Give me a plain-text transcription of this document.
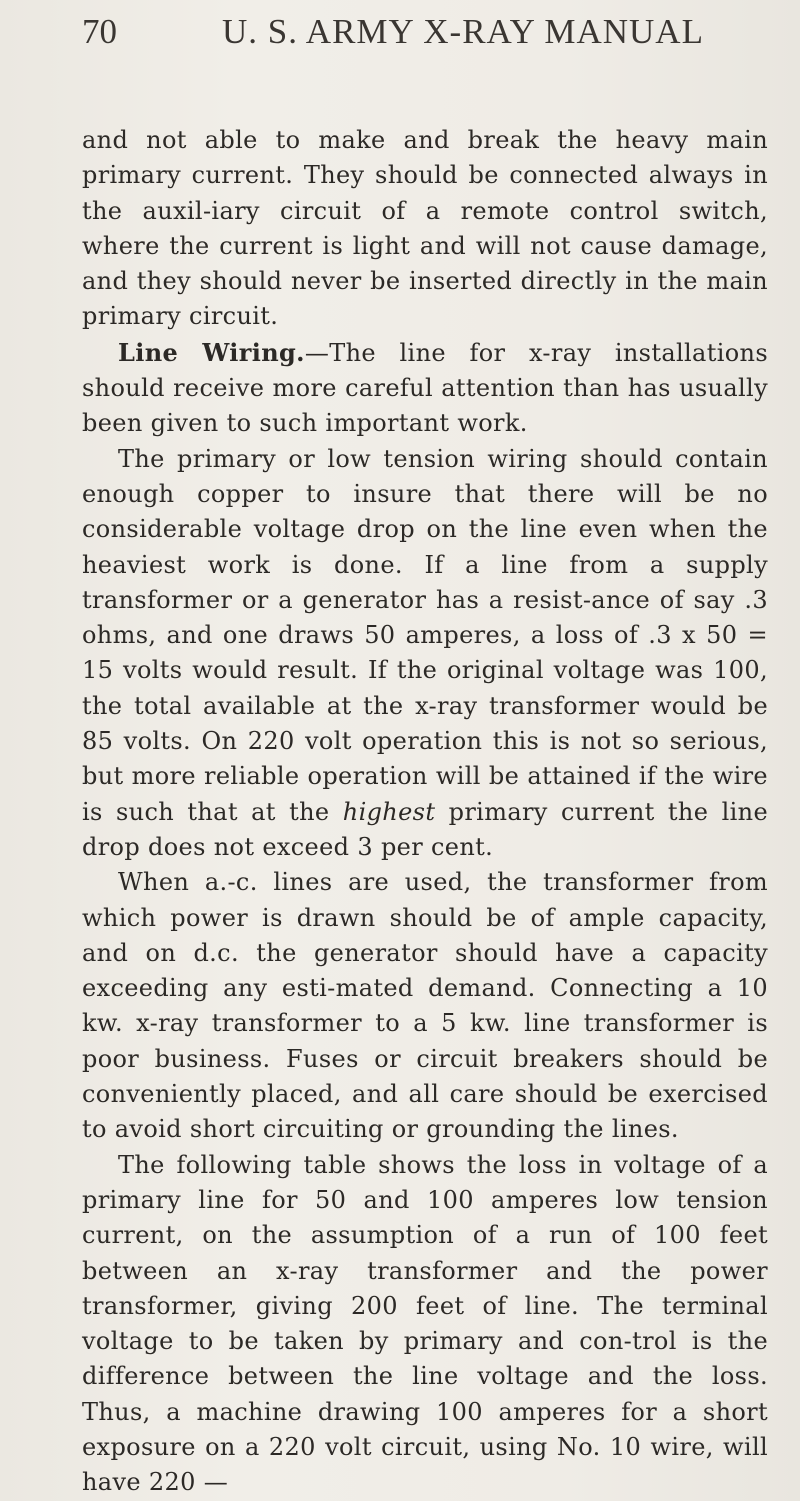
70	U. S. ARMY X-RAY MANUAL

and not able to make and break the heavy main primary current. They should be connected always in the auxil-iary circuit of a remote control switch, where the current is light and will not cause damage, and they should never be inserted directly in the main primary circuit.

Line Wiring.—The line for x-ray installations should receive more careful attention than has usually been given to such important work.

The primary or low tension wiring should contain enough copper to insure that there will be no considerable voltage drop on the line even when the heaviest work is done. If a line from a supply transformer or a generator has a resist-ance of say .3 ohms, and one draws 50 amperes, a loss of .3 x 50 = 15 volts would result. If the original voltage was 100, the total available at the x-ray transformer would be 85 volts. On 220 volt operation this is not so serious, but more reliable operation will be attained if the wire is such that at the highest primary current the line drop does not exceed 3 per cent.

When a.-c. lines are used, the transformer from which power is drawn should be of ample capacity, and on d.c. the generator should have a capacity exceeding any esti-mated demand. Connecting a 10 kw. x-ray transformer to a 5 kw. line transformer is poor business. Fuses or circuit breakers should be conveniently placed, and all care should be exercised to avoid short circuiting or grounding the lines.

The following table shows the loss in voltage of a primary line for 50 and 100 amperes low tension current, on the assumption of a run of 100 feet between an x-ray transformer and the power transformer, giving 200 feet of line. The terminal voltage to be taken by primary and con-trol is the difference between the line voltage and the loss. Thus, a machine drawing 100 amperes for a short exposure on a 220 volt circuit, using No. 10 wire, will have 220 —
